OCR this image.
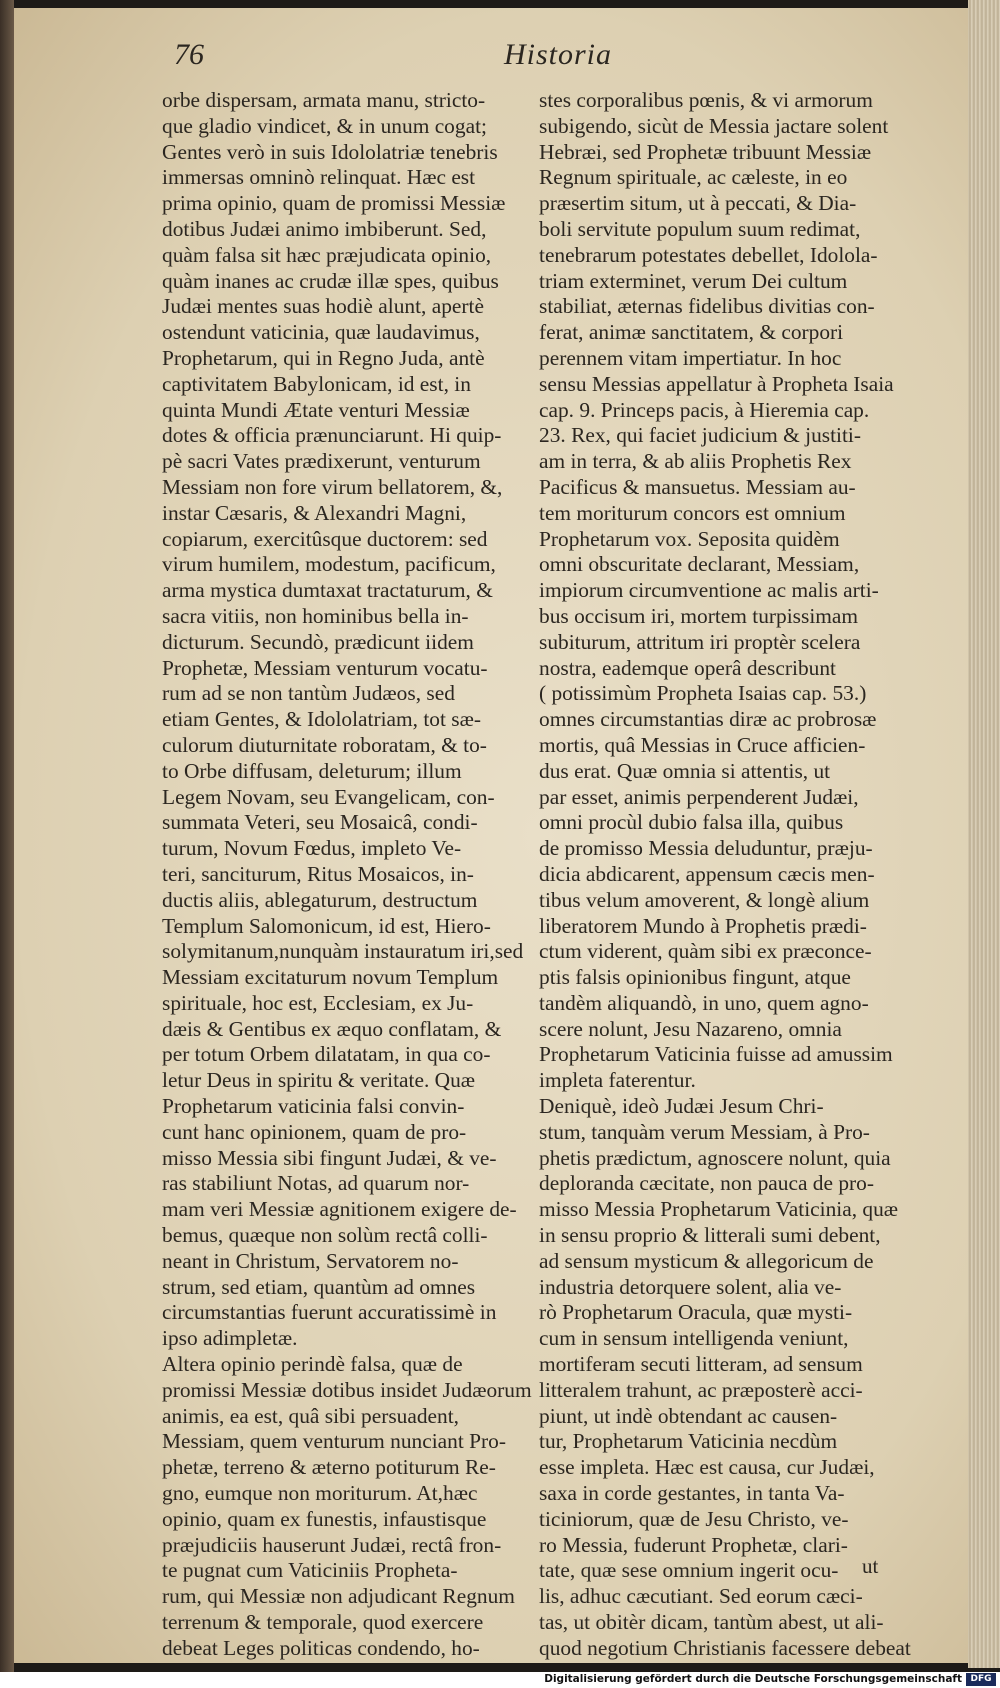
76	Historia
orbe dispersam, armata manu, stricto-
que gladio vindicet, & in unum cogat;
Gentes verò in suis Idololatriæ tenebris
immersas omninò relinquat. Hæc est
prima opinio, quam de promissi Messiæ
dotibus Judæi animo imbiberunt. Sed,
quàm falsa sit hæc præjudicata opinio,
quàm inanes ac crudæ illæ spes, quibus
Judæi mentes suas hodiè alunt, apertè
ostendunt vaticinia, quæ laudavimus,
Prophetarum, qui in Regno Juda, antè
captivitatem Babylonicam, id est, in
quinta Mundi Ætate venturi Messiæ
dotes & officia prænunciarunt. Hi quip-
pè sacri Vates prædixerunt, venturum
Messiam non fore virum bellatorem, &,
instar Cæsaris, & Alexandri Magni,
copiarum, exercitûsque ductorem: sed
virum humilem, modestum, pacificum,
arma mystica dumtaxat tractaturum, &
sacra vitiis, non hominibus bella in-
dicturum. Secundò, prædicunt iidem
Prophetæ, Messiam venturum vocatu-
rum ad se non tantùm Judæos, sed
etiam Gentes, & Idololatriam, tot sæ-
culorum diuturnitate roboratam, & to-
to Orbe diffusam, deleturum; illum
Legem Novam, seu Evangelicam, con-
summata Veteri, seu Mosaicâ, condi-
turum, Novum Fœdus, impleto Ve-
teri, sanciturum, Ritus Mosaicos, in-
ductis aliis, ablegaturum, destructum
Templum Salomonicum, id est, Hiero-
solymitanum,nunquàm instauratum iri,sed
Messiam excitaturum novum Templum
spirituale, hoc est, Ecclesiam, ex Ju-
dæis & Gentibus ex æquo conflatam, &
per totum Orbem dilatatam, in qua co-
letur Deus in spiritu & veritate. Quæ
Prophetarum vaticinia falsi convin-
cunt hanc opinionem, quam de pro-
misso Messia sibi fingunt Judæi, & ve-
ras stabiliunt Notas, ad quarum nor-
mam veri Messiæ agnitionem exigere de-
bemus, quæque non solùm rectâ colli-
neant in Christum, Servatorem no-
strum, sed etiam, quantùm ad omnes
circumstantias fuerunt accuratissimè in
ipso adimpletæ.
Altera opinio perindè falsa, quæ de
promissi Messiæ dotibus insidet Judæorum
animis, ea est, quâ sibi persuadent,
Messiam, quem venturum nunciant Pro-
phetæ, terreno & æterno potiturum Re-
gno, eumque non moriturum. At,hæc
opinio, quam ex funestis, infaustisque
præjudiciis hauserunt Judæi, rectâ fron-
te pugnat cum Vaticiniis Propheta-
rum, qui Messiæ non adjudicant Regnum
terrenum & temporale, quod exercere
debeat Leges politicas condendo, ho-
stes corporalibus pœnis, & vi armorum
subigendo, sicùt de Messia jactare solent
Hebræi, sed Prophetæ tribuunt Messiæ
Regnum spirituale, ac cæleste, in eo
præsertim situm, ut à peccati, & Dia-
boli servitute populum suum redimat,
tenebrarum potestates debellet, Idolola-
triam exterminet, verum Dei cultum
stabiliat, æternas fidelibus divitias con-
ferat, animæ sanctitatem, & corpori
perennem vitam impertiatur. In hoc
sensu Messias appellatur à Propheta Isaia
cap. 9. Princeps pacis, à Hieremia cap.
23. Rex, qui faciet judicium & justiti-
am in terra, & ab aliis Prophetis Rex
Pacificus & mansuetus. Messiam au-
tem moriturum concors est omnium
Prophetarum vox. Seposita quidèm
omni obscuritate declarant, Messiam,
impiorum circumventione ac malis arti-
bus occisum iri, mortem turpissimam
subiturum, attritum iri proptèr scelera
nostra, eademque operâ describunt
( potissimùm Propheta Isaias cap. 53.)
omnes circumstantias diræ ac probrosæ
mortis, quâ Messias in Cruce afficien-
dus erat. Quæ omnia si attentis, ut
par esset, animis perpenderent Judæi,
omni procùl dubio falsa illa, quibus
de promisso Messia deluduntur, præju-
dicia abdicarent, appensum cæcis men-
tibus velum amoverent, & longè alium
liberatorem Mundo à Prophetis prædi-
ctum viderent, quàm sibi ex præconce-
ptis falsis opinionibus fingunt, atque
tandèm aliquandò, in uno, quem agno-
scere nolunt, Jesu Nazareno, omnia
Prophetarum Vaticinia fuisse ad amussim
impleta faterentur.
Deniquè, ideò Judæi Jesum Chri-
stum, tanquàm verum Messiam, à Pro-
phetis prædictum, agnoscere nolunt, quia
deploranda cæcitate, non pauca de pro-
misso Messia Prophetarum Vaticinia, quæ
in sensu proprio & litterali sumi debent,
ad sensum mysticum & allegoricum de
industria detorquere solent, alia ve-
rò Prophetarum Oracula, quæ mysti-
cum in sensum intelligenda veniunt,
mortiferam secuti litteram, ad sensum
litteralem trahunt, ac præposterè acci-
piunt, ut indè obtendant ac causen-
tur, Prophetarum Vaticinia necdùm
esse impleta. Hæc est causa, cur Judæi,
saxa in corde gestantes, in tanta Va-
ticiniorum, quæ de Jesu Christo, ve-
ro Messia, fuderunt Prophetæ, clari-
tate, quæ sese omnium ingerit ocu-
lis, adhuc cæcutiant. Sed eorum cæci-
tas, ut obitèr dicam, tantùm abest, ut ali-
quod negotium Christianis facessere debeat
ut
Digitalisierung gefördert durch die Deutsche Forschungsgemeinschaft DFG
